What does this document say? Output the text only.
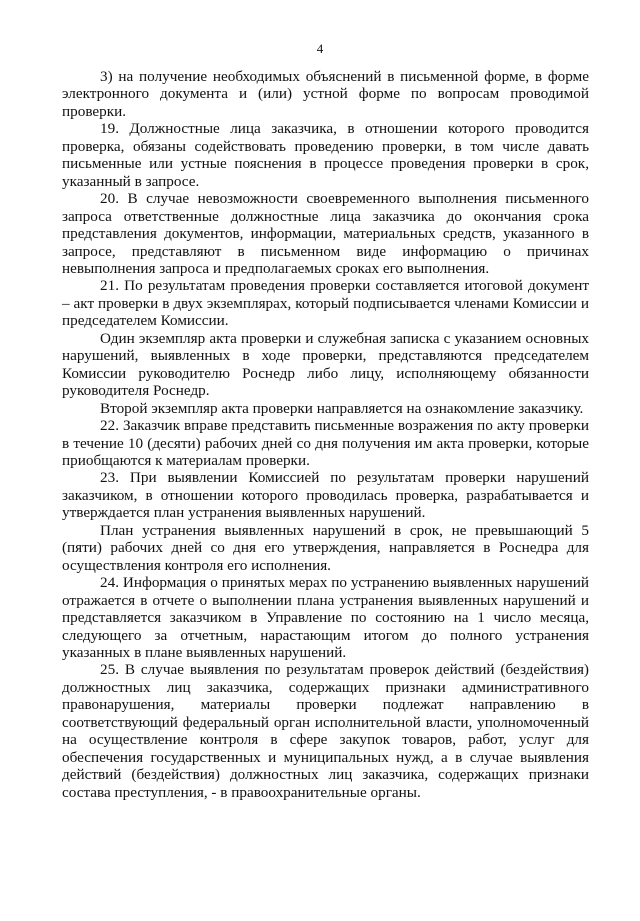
4

3) на получение необходимых объяснений в письменной форме, в форме электронного документа и (или) устной форме по вопросам проводимой проверки.

19. Должностные лица заказчика, в отношении которого проводится проверка, обязаны содействовать проведению проверки, в том числе давать письменные или устные пояснения в процессе проведения проверки в срок, указанный в запросе.

20. В случае невозможности своевременного выполнения письменного запроса ответственные должностные лица заказчика до окончания срока представления документов, информации, материальных средств, указанного в запросе, представляют в письменном виде информацию о причинах невыполнения запроса и предполагаемых сроках его выполнения.

21. По результатам проведения проверки составляется итоговой документ – акт проверки в двух экземплярах, который подписывается членами Комиссии и председателем Комиссии.

Один экземпляр акта проверки и служебная записка с указанием основных нарушений, выявленных в ходе проверки, представляются председателем Комиссии руководителю Роснедр либо лицу, исполняющему обязанности руководителя Роснедр.

Второй экземпляр акта проверки направляется на ознакомление заказчику.

22. Заказчик вправе представить письменные возражения по акту проверки в течение 10 (десяти) рабочих дней со дня получения им акта проверки, которые приобщаются к материалам проверки.

23. При выявлении Комиссией по результатам проверки нарушений заказчиком, в отношении которого проводилась проверка, разрабатывается и утверждается план устранения выявленных нарушений.

План устранения выявленных нарушений в срок, не превышающий 5 (пяти) рабочих дней со дня его утверждения, направляется в Роснедра для осуществления контроля его исполнения.

24. Информация о принятых мерах по устранению выявленных нарушений отражается в отчете о выполнении плана устранения выявленных нарушений и представляется заказчиком в Управление по состоянию на 1 число месяца, следующего за отчетным, нарастающим итогом до полного устранения указанных в плане выявленных нарушений.

25. В случае выявления по результатам проверок действий (бездействия) должностных лиц заказчика, содержащих признаки административного правонарушения, материалы проверки подлежат направлению в соответствующий федеральный орган исполнительной власти, уполномоченный на осуществление контроля в сфере закупок товаров, работ, услуг для обеспечения государственных и муниципальных нужд, а в случае выявления действий (бездействия) должностных лиц заказчика, содержащих признаки состава преступления, - в правоохранительные органы.
